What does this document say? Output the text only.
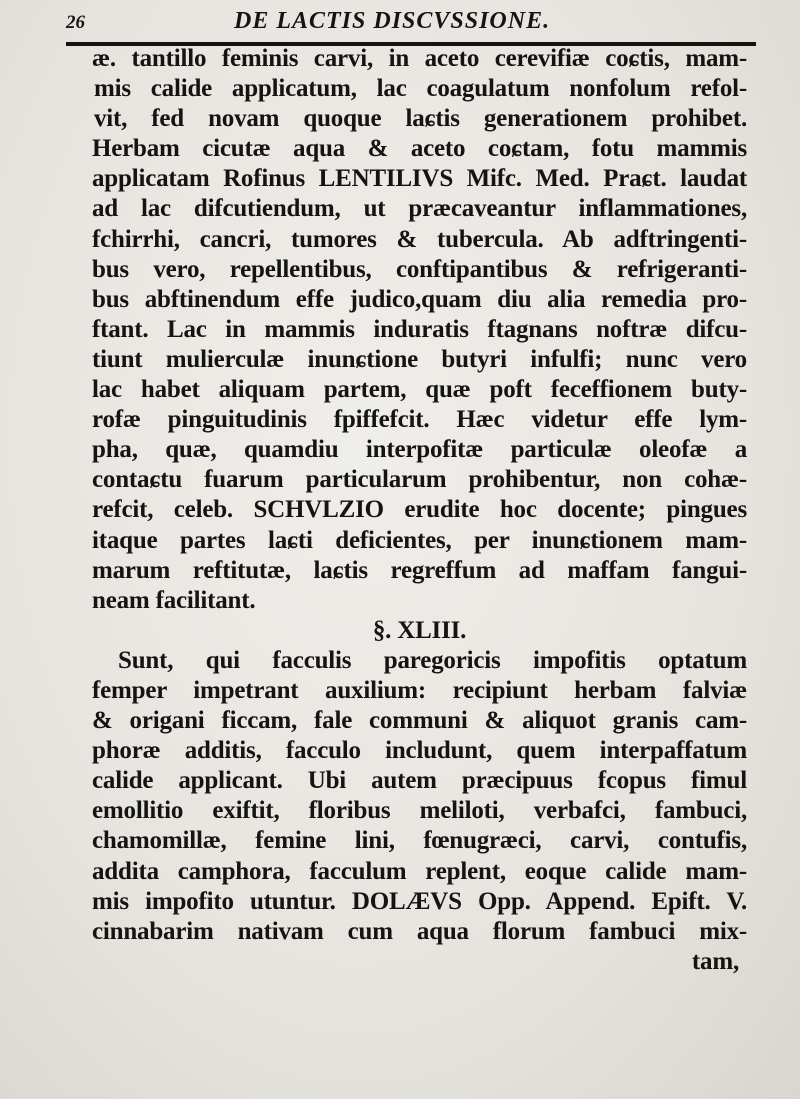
26	DE LACTIS DISCVSSIONE.
æ. tantillo feminis carvi, in aceto cerevifiæ coɕtis, mam-
mis calide applicatum, lac coagulatum nonfolum refol-
vit, fed novam quoque laɕtis generationem prohibet.
Herbam cicutæ aqua & aceto coɕtam, fotu mammis
applicatam Rofinus LENTILIVS Mifc. Med. Praɕt. laudat
ad lac difcutiendum, ut præcaveantur inflammationes,
fchirrhi, cancri, tumores & tubercula. Ab adftringenti-
bus vero, repellentibus, conftipantibus & refrigeranti-
bus abftinendum effe judico,quam diu alia remedia pro-
ftant. Lac in mammis induratis ftagnans noftræ difcu-
tiunt mulierculæ inunɕtione butyri infulfi; nunc vero
lac habet aliquam partem, quæ poft feceffionem buty-
rofæ pinguitudinis fpiffefcit. Hæc videtur effe lym-
pha, quæ, quamdiu interpofitæ particulæ oleofæ a
contaɕtu fuarum particularum prohibentur, non cohæ-
refcit, celeb. SCHVLZIO erudite hoc docente; pingues
itaque partes laɕti deficientes, per inunɕtionem mam-
marum reftitutæ, laɕtis regreffum ad maffam fangui-
neam facilitant.
§. XLIII.
Sunt, qui facculis paregoricis impofitis optatum
femper impetrant auxilium: recipiunt herbam falviæ
& origani ficcam, fale communi & aliquot granis cam-
phoræ additis, facculo includunt, quem interpaffatum
calide applicant. Ubi autem præcipuus fcopus fimul
emollitio exiftit, floribus meliloti, verbafci, fambuci,
chamomillæ, femine lini, fœnugræci, carvi, contufis,
addita camphora, facculum replent, eoque calide mam-
mis impofito utuntur. DOLÆVS Opp. Append. Epift. V.
cinnabarim nativam cum aqua florum fambuci mix-
tam,
